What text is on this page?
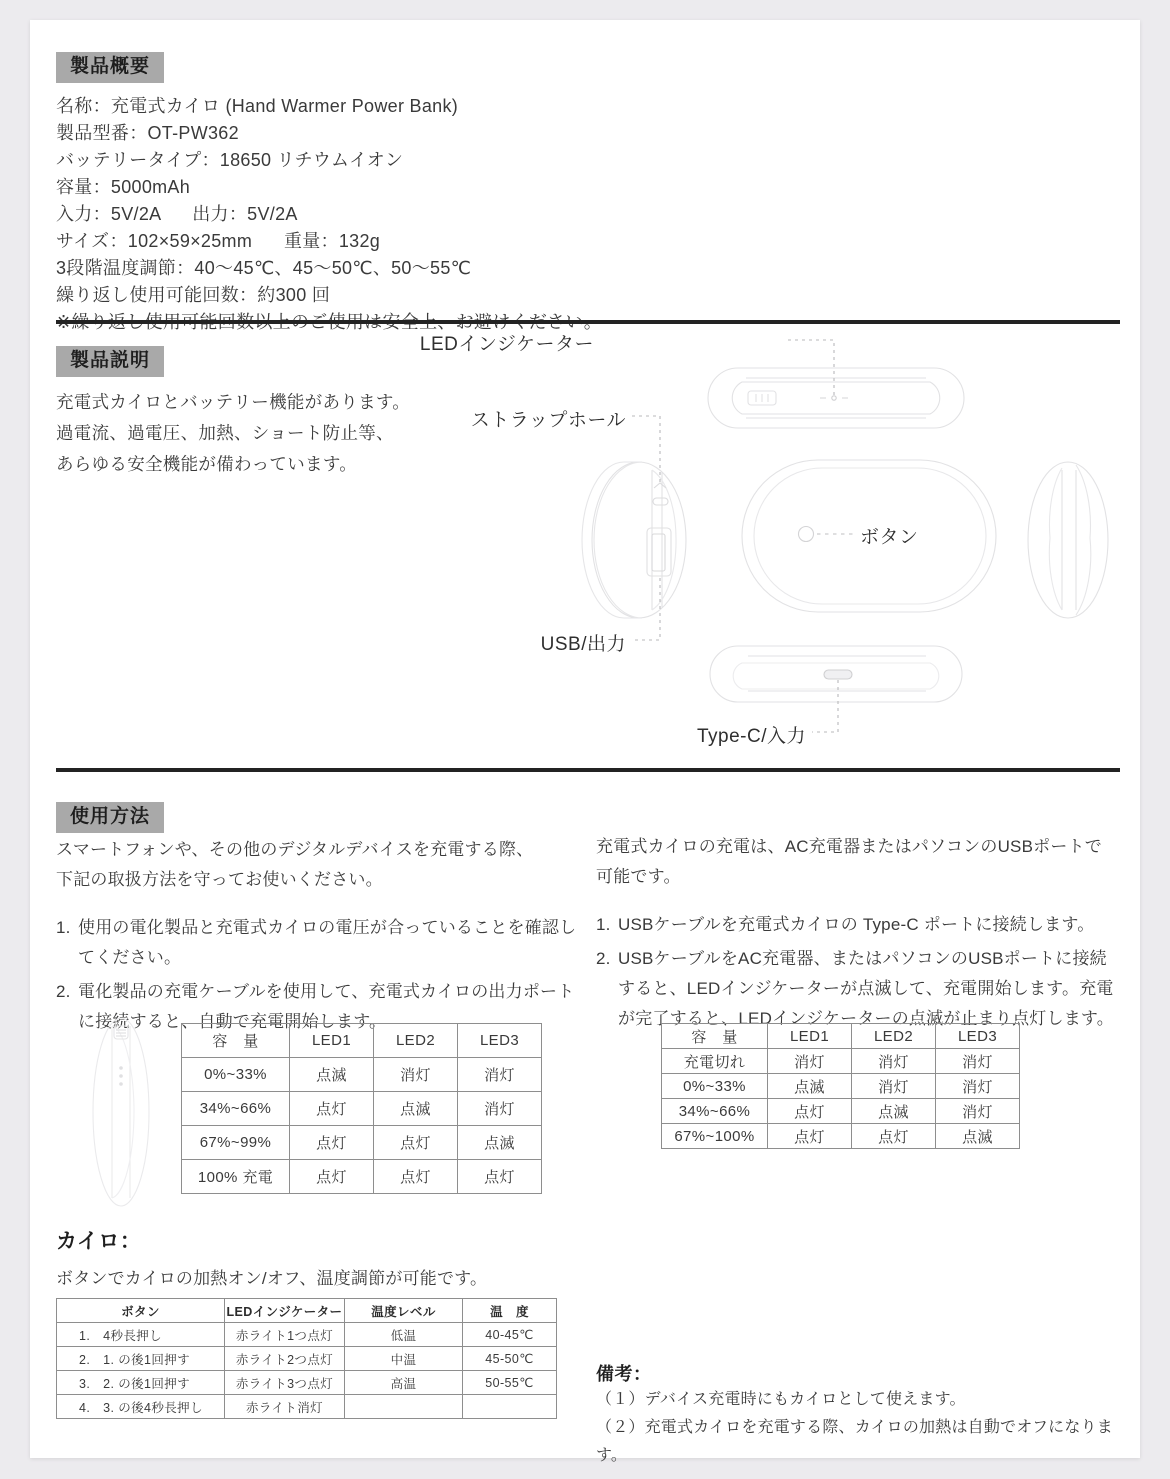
製品概要
名称：充電式カイロ (Hand Warmer Power Bank)
製品型番：OT-PW362
バッテリータイプ：18650 リチウムイオン
容量：5000mAh
入力：5V/2A      出力：5V/2A
サイズ：102×59×25mm      重量：132g
3段階温度調節：40〜45℃、45〜50℃、50〜55℃
繰り返し使用可能回数：約300 回
製品説明
充電式カイロとバッテリー機能があります。
過電流、過電圧、加熱、ショート防止等、
あらゆる安全機能が備わっています。
LEDインジケーター
ストラップホール
USB/出力
Type-C/入力
ボタン
使用方法
スマートフォンや、その他のデジタルデバイスを充電する際、
下記の取扱方法を守ってお使いください。
1. 使用の電化製品と充電式カイロの電圧が合っていることを確認してください。
2. 電化製品の充電ケーブルを使用して、充電式カイロの出力ポートに接続すると、自動で充電開始します。
充電式カイロの充電は、AC充電器またはパソコンのUSBポートで
可能です。
1. USBケーブルを充電式カイロの Type-C ポートに接続します。
2. USBケーブルをAC充電器、またはパソコンのUSBポートに接続すると、LEDインジケーターが点滅して、充電開始します。充電が完了すると、LEDインジケーターの点滅が止まり点灯します。
容　量	LED1	LED2	LED3
0%~33%	点滅	消灯	消灯
34%~66%	点灯	点滅	消灯
67%~99%	点灯	点灯	点滅
100% 充電	点灯	点灯	点灯
容　量	LED1	LED2	LED3
充電切れ	消灯	消灯	消灯
0%~33%	点滅	消灯	消灯
34%~66%	点灯	点滅	消灯
67%~100%	点灯	点灯	点滅
カイロ：
ボタンでカイロの加熱オン/オフ、温度調節が可能です。
ボタン	LEDインジケーター	温度レベル	温　度
1.　4秒長押し	赤ライト1つ点灯	低温	40-45℃
2.　1. の後1回押す	赤ライト2つ点灯	中温	45-50℃
3.　2. の後1回押す	赤ライト3つ点灯	高温	50-55℃
4.　3. の後4秒長押し	赤ライト消灯		
備考：
（１）デバイス充電時にもカイロとして使えます。
（２）充電式カイロを充電する際、カイロの加熱は自動でオフになります。
